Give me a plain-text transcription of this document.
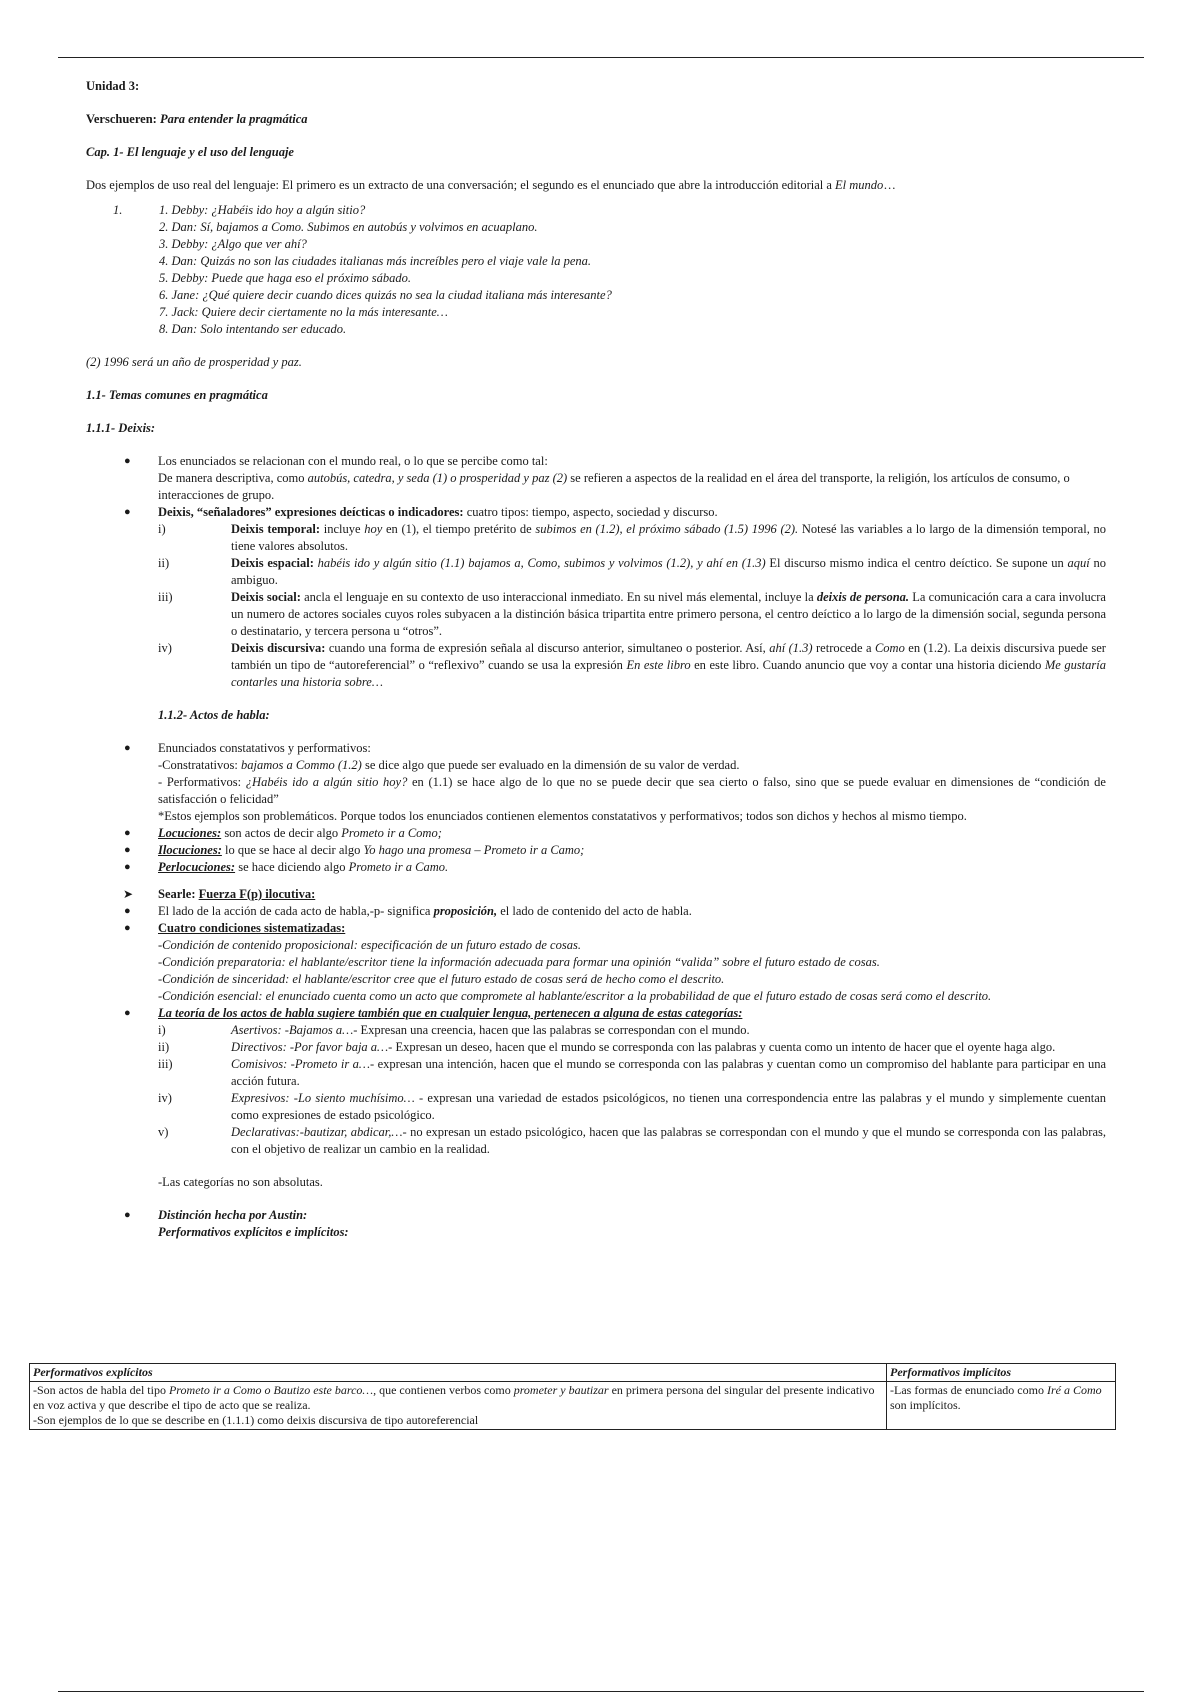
Unidad 3:

Verschueren: Para entender la pragmática

Cap. 1- El lenguaje y el uso del lenguaje

Dos ejemplos de uso real del lenguaje: El primero es un extracto de una conversación; el segundo es el enunciado que abre la introducción editorial a El mundo…

1.	1. Debby: ¿Habéis ido hoy a algún sitio?
2. Dan: Sí, bajamos a Como. Subimos en autobús y volvimos en acuaplano.
3. Debby: ¿Algo que ver ahí?
4. Dan: Quizás no son las ciudades italianas más increíbles pero el viaje vale la pena.
5. Debby: Puede que haga eso el próximo sábado.
6. Jane: ¿Qué quiere decir cuando dices quizás no sea la ciudad italiana más interesante?
7. Jack: Quiere decir ciertamente no la más interesante…
8. Dan: Solo intentando ser educado.

(2) 1996 será un año de prosperidad y paz.

1.1- Temas comunes en pragmática

1.1.1- Deixis:

● Los enunciados se relacionan con el mundo real, o lo que se percibe como tal:
De manera descriptiva, como autobús, catedra, y seda (1) o prosperidad y paz (2) se refieren a aspectos de la realidad en el área del transporte, la religión, los artículos de consumo, o interacciones de grupo.
● Deixis, “señaladores” expresiones deícticas o indicadores: cuatro tipos: tiempo, aspecto, sociedad y discurso.
i)	Deixis temporal: incluye hoy en (1), el tiempo pretérito de subimos en (1.2), el próximo sábado (1.5) 1996 (2). Notesé las variables a lo largo de la dimensión temporal, no tiene valores absolutos.
ii)	Deixis espacial: habéis ido y algún sitio (1.1) bajamos a, Como, subimos y volvimos (1.2), y ahí en (1.3) El discurso mismo indica el centro deíctico. Se supone un aquí no ambiguo.
iii)	Deixis social: ancla el lenguaje en su contexto de uso interaccional inmediato. En su nivel más elemental, incluye la deixis de persona. La comunicación cara a cara involucra un numero de actores sociales cuyos roles subyacen a la distinción básica tripartita entre primero persona, el centro deíctico a lo largo de la dimensión social, segunda persona o destinatario, y tercera persona u “otros”.
iv)	Deixis discursiva: cuando una forma de expresión señala al discurso anterior, simultaneo o posterior. Así, ahí (1.3) retrocede a Como en (1.2). La deixis discursiva puede ser también un tipo de “autoreferencial” o “reflexivo” cuando se usa la expresión En este libro en este libro. Cuando anuncio que voy a contar una historia diciendo Me gustaría contarles una historia sobre…

1.1.2- Actos de habla:

● Enunciados constatativos y performativos:
-Constratativos: bajamos a Commo (1.2) se dice algo que puede ser evaluado en la dimensión de su valor de verdad.
- Performativos: ¿Habéis ido a algún sitio hoy? en (1.1) se hace algo de lo que no se puede decir que sea cierto o falso, sino que se puede evaluar en dimensiones de “condición de satisfacción o felicidad”
*Estos ejemplos son problemáticos. Porque todos los enunciados contienen elementos constatativos y performativos; todos son dichos y hechos al mismo tiempo.
● Locuciones: son actos de decir algo Prometo ir a Como;
● Ilocuciones: lo que se hace al decir algo Yo hago una promesa – Prometo ir a Camo;
● Perlocuciones: se hace diciendo algo Prometo ir a Camo.
➤ Searle: Fuerza F(p) ilocutiva:
● El lado de la acción de cada acto de habla,-p- significa proposición, el lado de contenido del acto de habla.
● Cuatro condiciones sistematizadas:
-Condición de contenido proposicional: especificación de un futuro estado de cosas.
-Condición preparatoria: el hablante/escritor tiene la información adecuada para formar una opinión “valida” sobre el futuro estado de cosas.
-Condición de sinceridad: el hablante/escritor cree que el futuro estado de cosas será de hecho como el descrito.
-Condición esencial: el enunciado cuenta como un acto que compromete al hablante/escritor a la probabilidad de que el futuro estado de cosas será como el descrito.
● La teoría de los actos de habla sugiere también que en cualquier lengua, pertenecen a alguna de estas categorías:
i)	Asertivos: -Bajamos a…- Expresan una creencia, hacen que las palabras se correspondan con el mundo.
ii)	Directivos: -Por favor baja a…- Expresan un deseo, hacen que el mundo se corresponda con las palabras y cuenta como un intento de hacer que el oyente haga algo.
iii)	Comisivos: -Prometo ir a…- expresan una intención, hacen que el mundo se corresponda con las palabras y cuentan como un compromiso del hablante para participar en una acción futura.
iv)	Expresivos: -Lo siento muchísimo… - expresan una variedad de estados psicológicos, no tienen una correspondencia entre las palabras y el mundo y simplemente cuentan como expresiones de estado psicológico.
v)	Declarativas:-bautizar, abdicar,…- no expresan un estado psicológico, hacen que las palabras se correspondan con el mundo y que el mundo se corresponda con las palabras, con el objetivo de realizar un cambio en la realidad.

-Las categorías no son absolutas.

● Distinción hecha por Austin:
Performativos explícitos e implícitos:
Performativos explícitos	Performativos implícitos
-Son actos de habla del tipo Prometo ir a Como o Bautizo este barco…, que contienen verbos como prometer y bautizar en primera persona del singular del presente indicativo en voz activa y que describe el tipo de acto que se realiza.
-Son ejemplos de lo que se describe en (1.1.1) como deixis discursiva de tipo autoreferencial	-Las formas de enunciado como Iré a Como son implícitos.
